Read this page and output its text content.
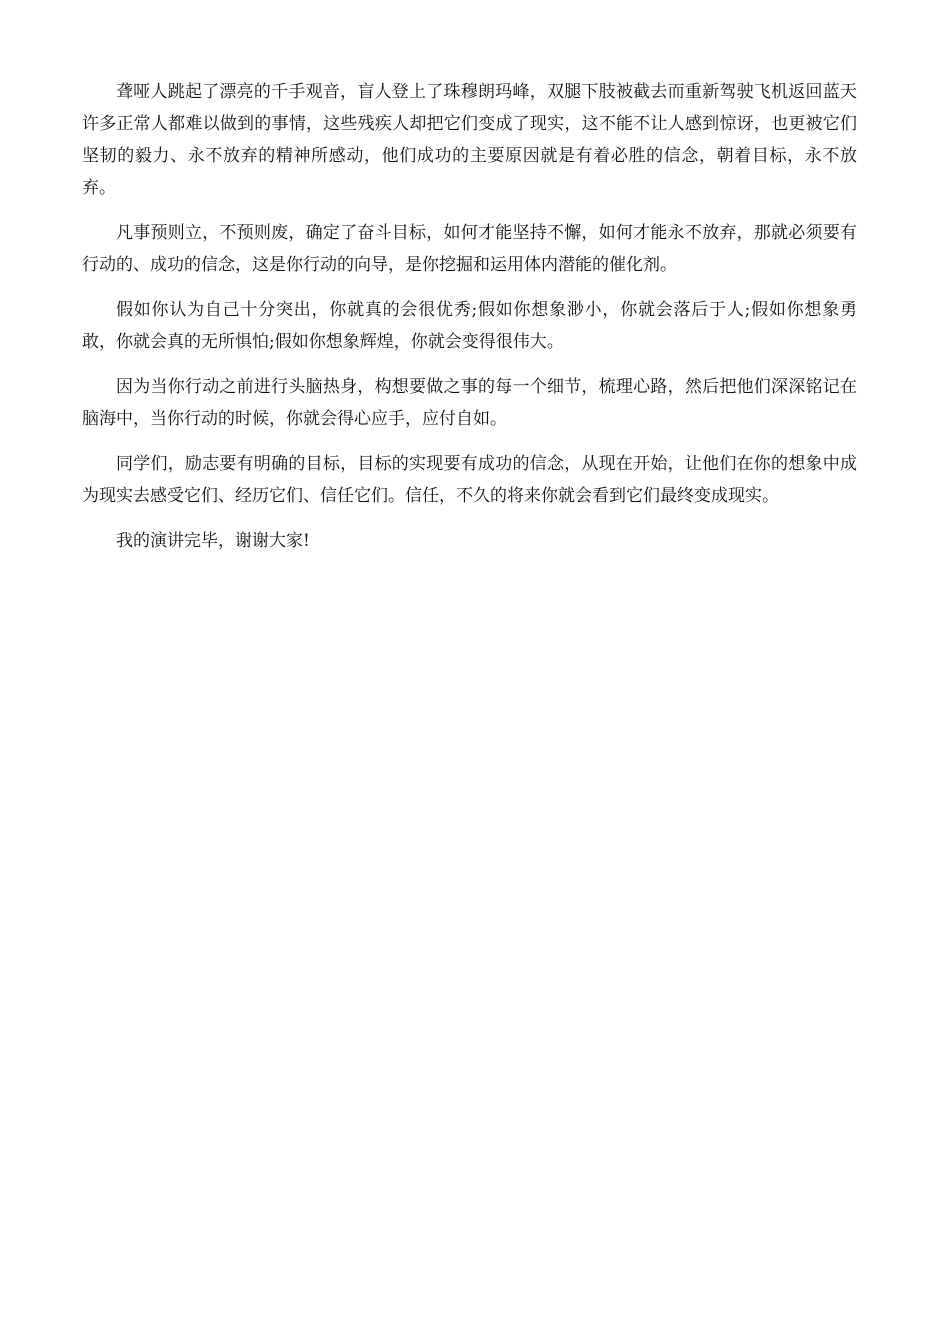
聋哑人跳起了漂亮的千手观音，盲人登上了珠穆朗玛峰，双腿下肢被截去而重新驾驶飞机返回蓝天许多正常人都难以做到的事情，这些残疾人却把它们变成了现实，这不能不让人感到惊讶，也更被它们坚韧的毅力、永不放弃的精神所感动，他们成功的主要原因就是有着必胜的信念，朝着目标，永不放弃。

凡事预则立，不预则废，确定了奋斗目标，如何才能坚持不懈，如何才能永不放弃，那就必须要有行动的、成功的信念，这是你行动的向导，是你挖掘和运用体内潜能的催化剂。

假如你认为自己十分突出，你就真的会很优秀;假如你想象渺小，你就会落后于人;假如你想象勇敢，你就会真的无所惧怕;假如你想象辉煌，你就会变得很伟大。

因为当你行动之前进行头脑热身，构想要做之事的每一个细节，梳理心路，然后把他们深深铭记在脑海中，当你行动的时候，你就会得心应手，应付自如。

同学们，励志要有明确的目标，目标的实现要有成功的信念，从现在开始，让他们在你的想象中成为现实去感受它们、经历它们、信任它们。信任，不久的将来你就会看到它们最终变成现实。

我的演讲完毕，谢谢大家!
